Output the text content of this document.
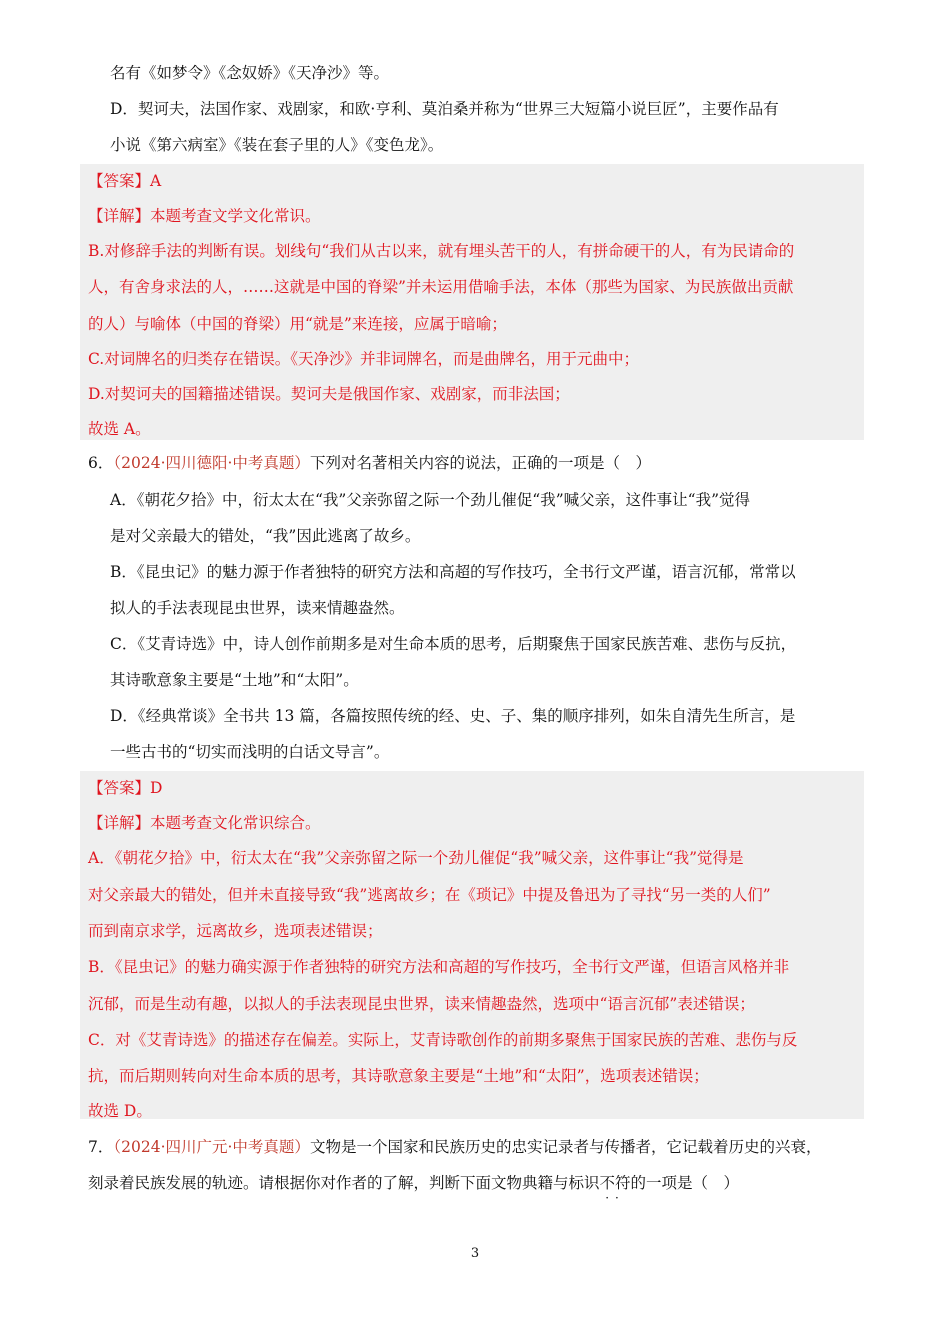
名有《如梦令》《念奴娇》《天净沙》等。
D．契诃夫，法国作家、戏剧家，和欧·亨利、莫泊桑并称为“世界三大短篇小说巨匠”，主要作品有
小说《第六病室》《装在套子里的人》《变色龙》。
【答案】A
【详解】本题考查文学文化常识。
B.对修辞手法的判断有误。划线句“我们从古以来，就有埋头苦干的人，有拼命硬干的人，有为民请命的
人，有舍身求法的人，……这就是中国的脊梁”并未运用借喻手法，本体（那些为国家、为民族做出贡献
的人）与喻体（中国的脊梁）用“就是”来连接，应属于暗喻；
C.对词牌名的归类存在错误。《天净沙》并非词牌名，而是曲牌名，用于元曲中；
D.对契诃夫的国籍描述错误。契诃夫是俄国作家、戏剧家，而非法国；
故选 A。
6．（2024·四川德阳·中考真题）下列对名著相关内容的说法，正确的一项是（　）
A．《朝花夕拾》中，衍太太在“我”父亲弥留之际一个劲儿催促“我”喊父亲，这件事让“我”觉得
是对父亲最大的错处，“我”因此逃离了故乡。
B．《昆虫记》的魅力源于作者独特的研究方法和高超的写作技巧，全书行文严谨，语言沉郁，常常以
拟人的手法表现昆虫世界，读来情趣盎然。
C．《艾青诗选》中，诗人创作前期多是对生命本质的思考，后期聚焦于国家民族苦难、悲伤与反抗，
其诗歌意象主要是“土地”和“太阳”。
D．《经典常谈》全书共 13 篇，各篇按照传统的经、史、子、集的顺序排列，如朱自清先生所言，是
一些古书的“切实而浅明的白话文导言”。
【答案】D
【详解】本题考查文化常识综合。
A．《朝花夕拾》中，衍太太在“我”父亲弥留之际一个劲儿催促“我”喊父亲，这件事让“我”觉得是
对父亲最大的错处，但并未直接导致“我”逃离故乡；在《琐记》中提及鲁迅为了寻找“另一类的人们”
而到南京求学，远离故乡，选项表述错误；
B．《昆虫记》的魅力确实源于作者独特的研究方法和高超的写作技巧，全书行文严谨，但语言风格并非
沉郁，而是生动有趣，以拟人的手法表现昆虫世界，读来情趣盎然，选项中“语言沉郁”表述错误；
C．对《艾青诗选》的描述存在偏差。实际上，艾青诗歌创作的前期多聚焦于国家民族的苦难、悲伤与反
抗，而后期则转向对生命本质的思考，其诗歌意象主要是“土地”和“太阳”，选项表述错误；
故选 D。
7．（2024·四川广元·中考真题）文物是一个国家和民族历史的忠实记录者与传播者，它记载着历史的兴衰，
刻录着民族发展的轨迹。请根据你对作者的了解，判断下面文物典籍与标识不符
··
的一项是（　）
3
